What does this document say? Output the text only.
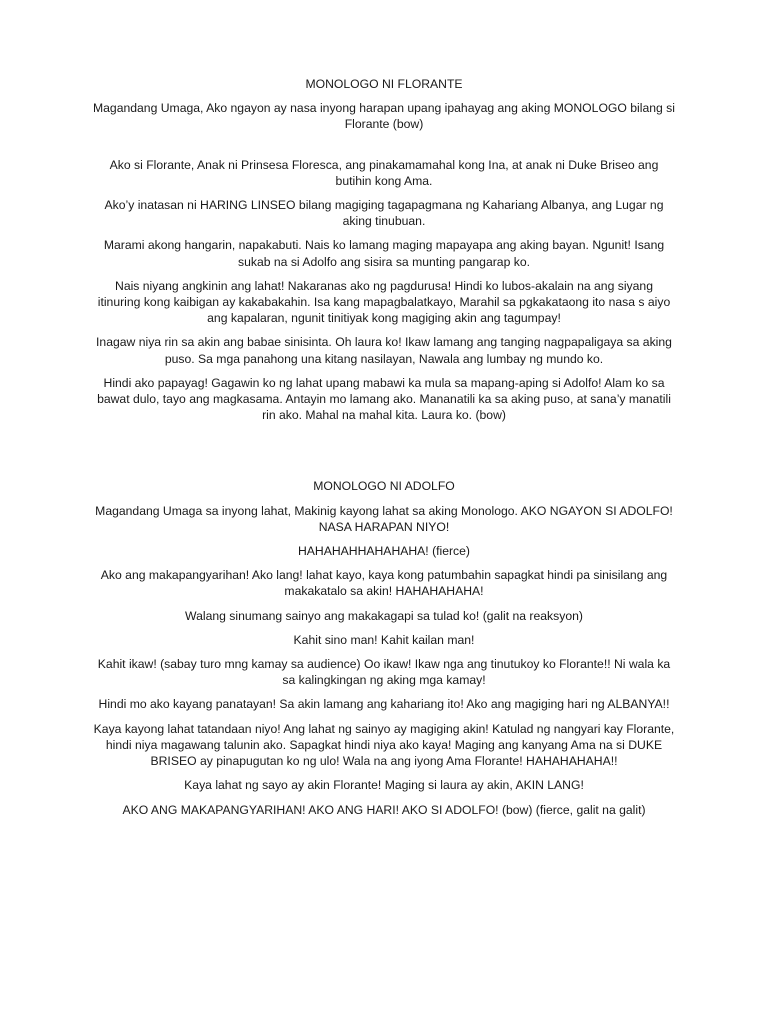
MONOLOGO NI FLORANTE

Magandang Umaga, Ako ngayon ay nasa inyong harapan upang ipahayag ang aking MONOLOGO bilang si Florante (bow)

Ako si Florante, Anak ni Prinsesa Floresca, ang pinakamamahal kong Ina, at anak ni Duke Briseo ang butihin kong Ama.

Ako’y inatasan ni HARING LINSEO bilang magiging tagapagmana ng Kahariang Albanya, ang Lugar ng aking tinubuan.

Marami akong hangarin, napakabuti. Nais ko lamang maging mapayapa ang aking bayan. Ngunit! Isang sukab na si Adolfo ang sisira sa munting pangarap ko.

Nais niyang angkinin ang lahat! Nakaranas ako ng pagdurusa! Hindi ko lubos-akalain na ang siyang itinuring kong kaibigan ay kakabakahin. Isa kang mapagbalatkayo, Marahil sa pgkakataong ito nasa s aiyo ang kapalaran, ngunit tinitiyak kong magiging akin ang tagumpay!

Inagaw niya rin sa akin ang babae sinisinta. Oh laura ko! Ikaw lamang ang tanging nagpapaligaya sa aking puso. Sa mga panahong una kitang nasilayan, Nawala ang lumbay ng mundo ko.

Hindi ako papayag! Gagawin ko ng lahat upang mabawi ka mula sa mapang-aping si Adolfo! Alam ko sa bawat dulo, tayo ang magkasama. Antayin mo lamang ako. Mananatili ka sa aking puso, at sana’y manatili rin ako. Mahal na mahal kita. Laura ko. (bow)

MONOLOGO NI ADOLFO

Magandang Umaga sa inyong lahat, Makinig kayong lahat sa aking Monologo. AKO NGAYON SI ADOLFO! NASA HARAPAN NIYO!

HAHAHAHHAHAHAHA! (fierce)

Ako ang makapangyarihan! Ako lang! lahat kayo, kaya kong patumbahin sapagkat hindi pa sinisilang ang makakatalo sa akin! HAHAHAHAHA!

Walang sinumang sainyo ang makakagapi sa tulad ko! (galit na reaksyon)

Kahit sino man! Kahit kailan man!

Kahit ikaw! (sabay turo mng kamay sa audience) Oo ikaw! Ikaw nga ang tinutukoy ko Florante!! Ni wala ka sa kalingkingan ng aking mga kamay!

Hindi mo ako kayang panatayan! Sa akin lamang ang kahariang ito! Ako ang magiging hari ng ALBANYA!!

Kaya kayong lahat tatandaan niyo! Ang lahat ng sainyo ay magiging akin! Katulad ng nangyari kay Florante, hindi niya magawang talunin ako. Sapagkat hindi niya ako kaya! Maging ang kanyang Ama na si DUKE BRISEO ay pinapugutan ko ng ulo! Wala na ang iyong Ama Florante! HAHAHAHAHA!!

Kaya lahat ng sayo ay akin Florante! Maging si laura ay akin, AKIN LANG!

AKO ANG MAKAPANGYARIHAN! AKO ANG HARI! AKO SI ADOLFO! (bow) (fierce, galit na galit)
